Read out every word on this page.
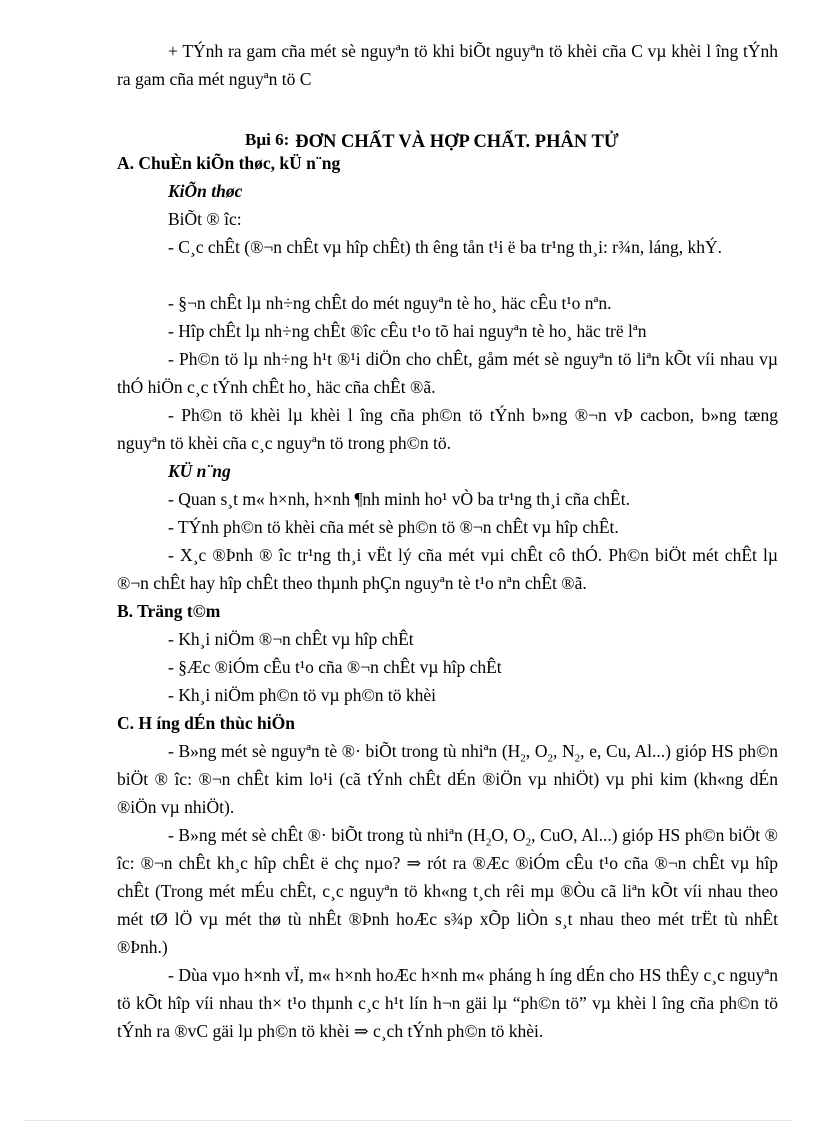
+ TÝnh ra gam cña mét sè nguyªn tö khi biÕt nguyªn tö khèi cña C vµ khèi l îng tÝnh ra gam cña mét nguyªn tö C
Bµi 6: ĐƠN CHẤT VÀ HỢP CHẤT. PHÂN TỬ
A. ChuÈn kiÕn thøc, kÜ n¨ng
KiÕn thøc
BiÕt ® îc:
- C¸c chÊt (®¬n chÊt vµ hîp chÊt) th êng tån t¹i ë ba tr¹ng th¸i: r¾n, láng, khÝ.
- §¬n chÊt lµ nh÷ng chÊt do mét nguyªn tè ho¸ häc cÊu t¹o nªn.
- Hîp chÊt lµ nh÷ng chÊt ®îc cÊu t¹o tõ hai nguyªn tè ho¸ häc trë lªn
- Ph©n tö lµ nh÷ng h¹t ®¹i diÖn cho chÊt, gåm mét sè nguyªn tö liªn kÕt víi nhau vµ thÓ hiÖn c¸c tÝnh chÊt ho¸ häc cña chÊt ®ã.
- Ph©n tö khèi lµ khèi l îng cña ph©n tö tÝnh b»ng ®¬n vÞ cacbon, b»ng tæng nguyªn tö khèi cña c¸c nguyªn tö trong ph©n tö.
KÜ n¨ng
- Quan s¸t m« h×nh, h×nh ¶nh minh ho¹ vÒ ba tr¹ng th¸i cña chÊt.
- TÝnh ph©n tö khèi cña mét sè ph©n tö ®¬n chÊt vµ hîp chÊt.
- X¸c ®Þnh ® îc tr¹ng th¸i vËt lý cña mét vµi chÊt cô thÓ. Ph©n biÖt mét chÊt lµ ®¬n chÊt hay hîp chÊt theo thµnh phÇn nguyªn tè t¹o nªn chÊt ®ã.
B. Träng t©m
- Kh¸i niÖm ®¬n chÊt vµ hîp chÊt
- §Æc ®iÓm cÊu t¹o cña ®¬n chÊt vµ hîp chÊt
- Kh¸i niÖm ph©n tö vµ ph©n tö khèi
C. H íng dÉn thùc hiÖn
- B»ng mét sè nguyªn tè ®· biÕt trong tù nhiªn ($H_2$, $O_2$, $N_2$, e, Cu, Al...) gióp HS ph©n biÖt ® îc: ®¬n chÊt kim lo¹i (cã tÝnh chÊt dÉn ®iÖn vµ nhiÖt) vµ phi kim (kh«ng dÉn ®iÖn vµ nhiÖt).
- B»ng mét sè chÊt ®· biÕt trong tù nhiªn ($H_2O$, $O_2$, CuO, Al...) gióp HS ph©n biÖt ® îc: ®¬n chÊt kh¸c hîp chÊt ë chç nµo? ⇒ rót ra ®Æc ®iÓm cÊu t¹o cña ®¬n chÊt vµ hîp chÊt (Trong mét mÉu chÊt, c¸c nguyªn tö kh«ng t¸ch rêi mµ ®Òu cã liªn kÕt víi nhau theo mét tØ lÖ vµ mét thø tù nhÊt ®Þnh hoÆc s¾p xÕp liÒn s¸t nhau theo mét trËt tù nhÊt ®Þnh.)
- Dùa vµo h×nh vÏ, m« h×nh hoÆc h×nh m« pháng h íng dÉn cho HS thÊy c¸c nguyªn tö kÕt hîp víi nhau th× t¹o thµnh c¸c h¹t lín h¬n gäi lµ “ph©n tö” vµ khèi l îng cña ph©n tö tÝnh ra ®vC gäi lµ ph©n tö khèi ⇒ c¸ch tÝnh ph©n tö khèi.
